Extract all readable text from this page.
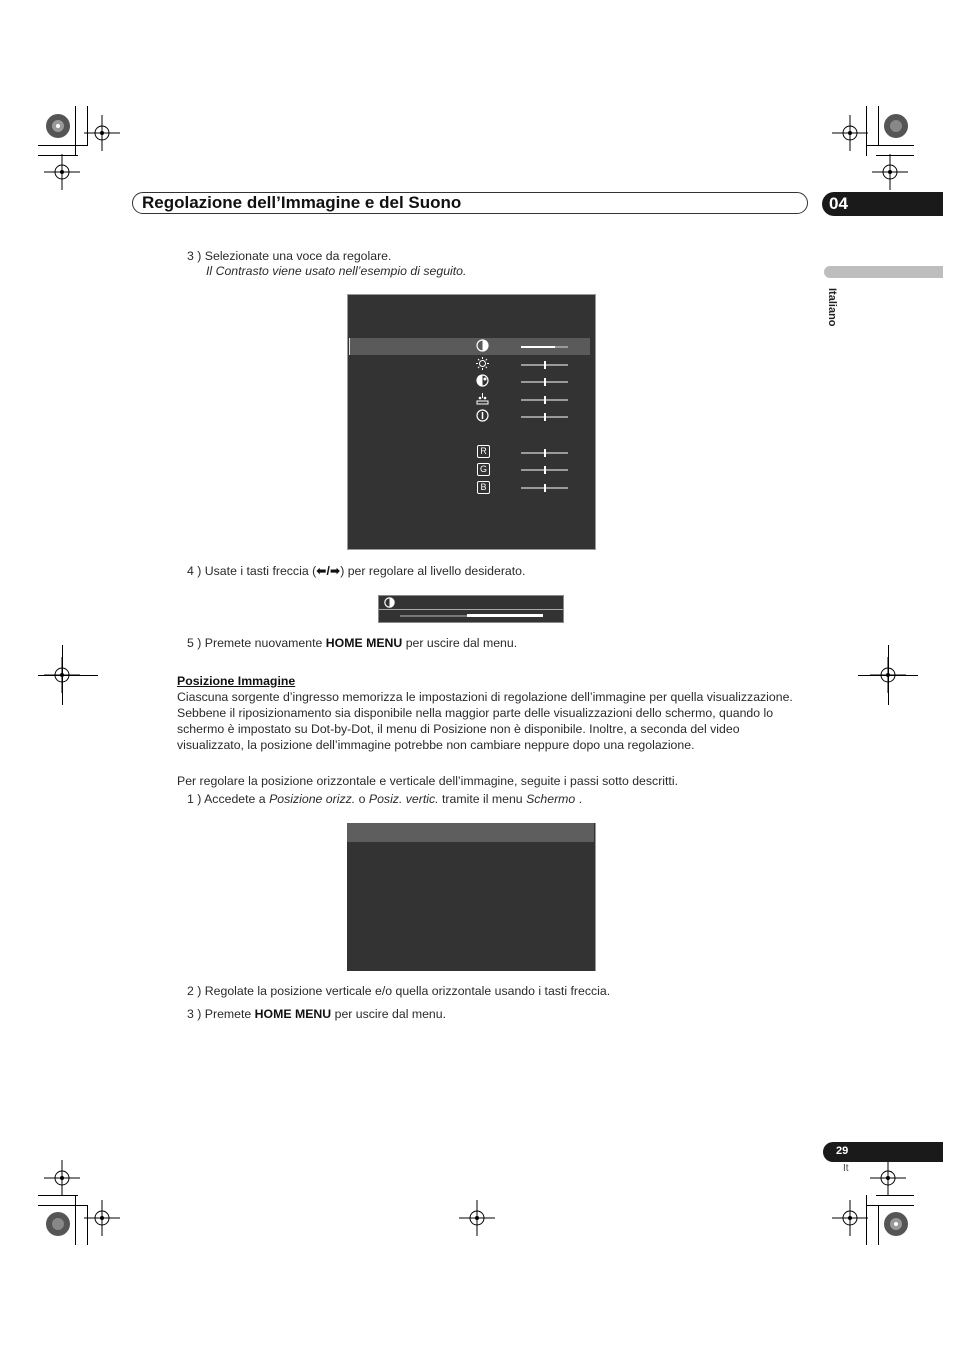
Regolazione dell’Immagine e del Suono	04
Italiano
3 ) Selezionate una voce da regolare.
Il Contrasto viene usato nell’esempio di seguito.
R
G
B
4 ) Usate i tasti freccia (⬅/➡) per regolare al livello desiderato.
5 ) Premete nuovamente HOME MENU per uscire dal menu.
Posizione Immagine
Ciascuna sorgente d’ingresso memorizza le impostazioni di regolazione dell’immagine per quella visualizzazione.
Sebbene il riposizionamento sia disponibile nella maggior parte delle visualizzazioni dello schermo, quando lo
schermo è impostato su Dot-by-Dot, il menu di Posizione non è disponibile. Inoltre, a seconda del video
visualizzato, la posizione dell’immagine potrebbe non cambiare neppure dopo una regolazione.
Per regolare la posizione orizzontale e verticale dell’immagine, seguite i passi sotto descritti.
1 ) Accedete a Posizione orizz. o Posiz. vertic. tramite il menu Schermo .
2 ) Regolate la posizione verticale e/o quella orizzontale usando i tasti freccia.
3 ) Premete HOME MENU per uscire dal menu.
29
It
